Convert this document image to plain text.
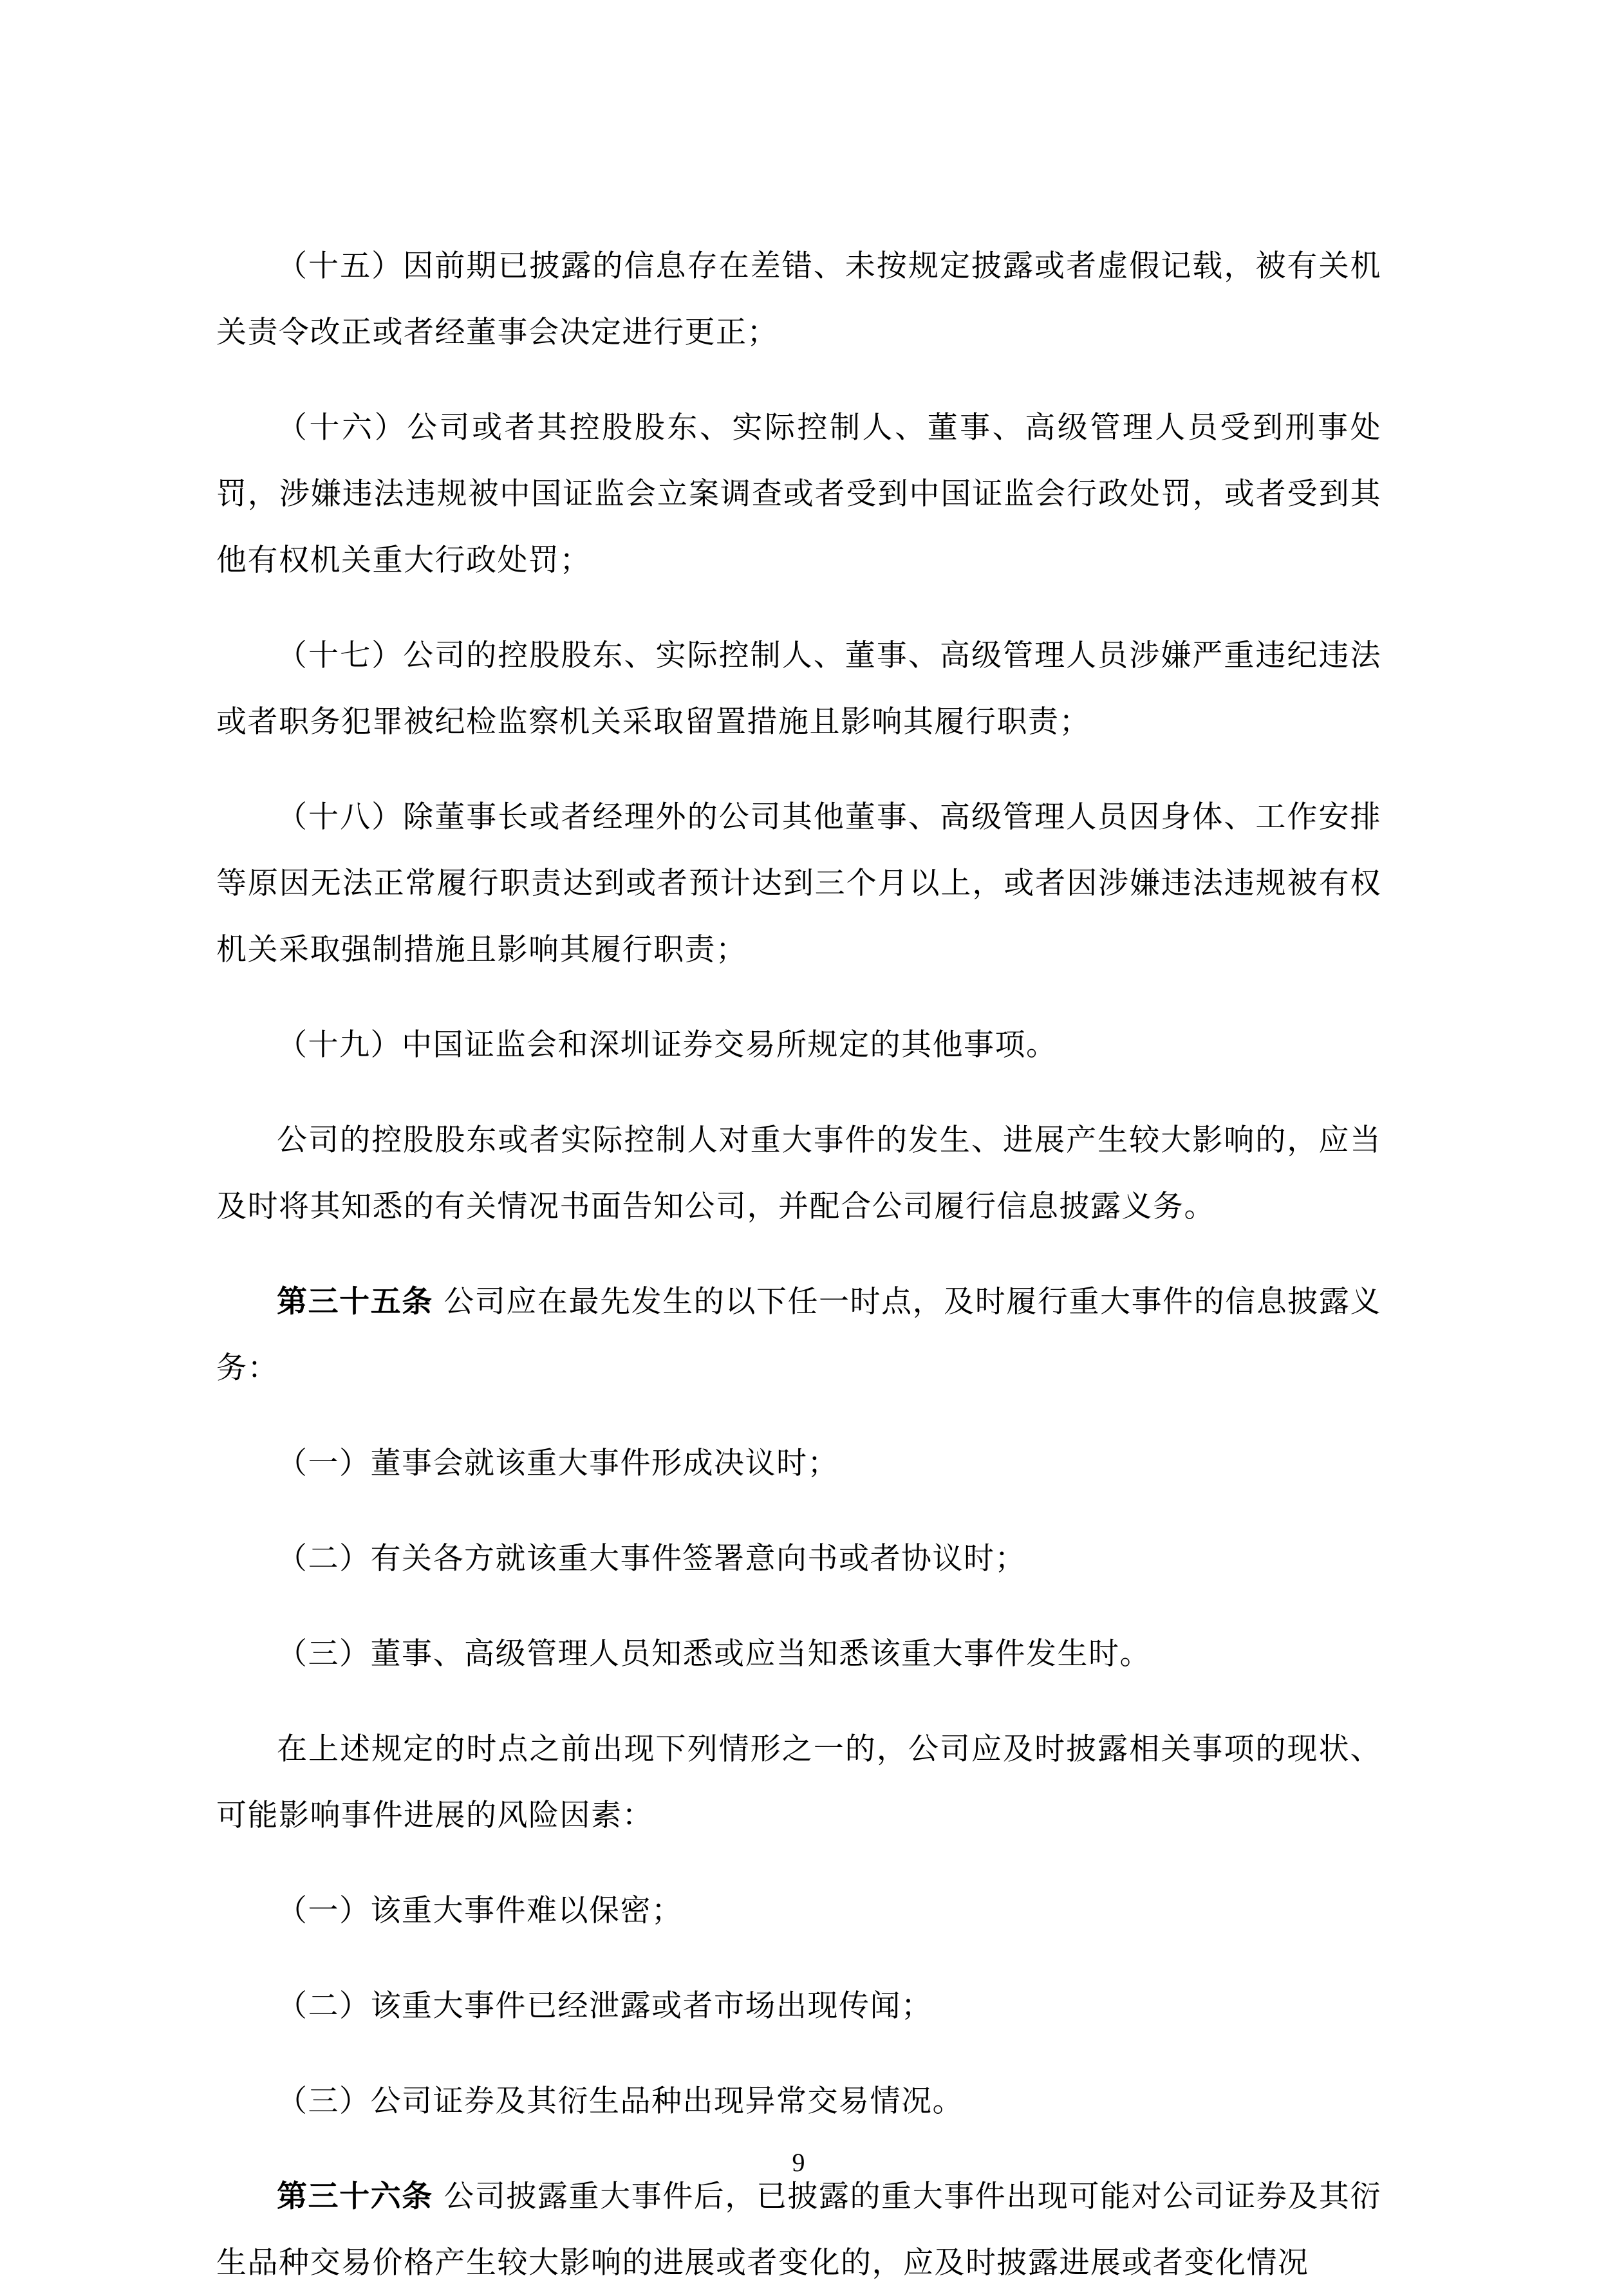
（十五）因前期已披露的信息存在差错、未按规定披露或者虚假记载，被有关机关责令改正或者经董事会决定进行更正；

（十六）公司或者其控股股东、实际控制人、董事、高级管理人员受到刑事处罚，涉嫌违法违规被中国证监会立案调查或者受到中国证监会行政处罚，或者受到其他有权机关重大行政处罚；

（十七）公司的控股股东、实际控制人、董事、高级管理人员涉嫌严重违纪违法或者职务犯罪被纪检监察机关采取留置措施且影响其履行职责；

（十八）除董事长或者经理外的公司其他董事、高级管理人员因身体、工作安排等原因无法正常履行职责达到或者预计达到三个月以上，或者因涉嫌违法违规被有权机关采取强制措施且影响其履行职责；

（十九）中国证监会和深圳证券交易所规定的其他事项。

公司的控股股东或者实际控制人对重大事件的发生、进展产生较大影响的，应当及时将其知悉的有关情况书面告知公司，并配合公司履行信息披露义务。

第三十五条 公司应在最先发生的以下任一时点，及时履行重大事件的信息披露义务：

（一）董事会就该重大事件形成决议时；

（二）有关各方就该重大事件签署意向书或者协议时；

（三）董事、高级管理人员知悉或应当知悉该重大事件发生时。

在上述规定的时点之前出现下列情形之一的，公司应及时披露相关事项的现状、可能影响事件进展的风险因素：

（一）该重大事件难以保密；

（二）该重大事件已经泄露或者市场出现传闻；

（三）公司证券及其衍生品种出现异常交易情况。

第三十六条 公司披露重大事件后，已披露的重大事件出现可能对公司证券及其衍生品种交易价格产生较大影响的进展或者变化的，应及时披露进展或者变化情况

9
